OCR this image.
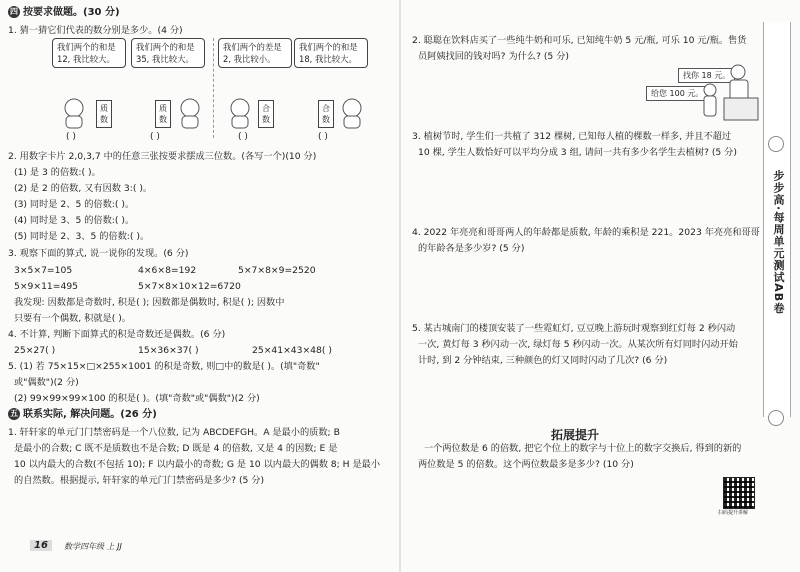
四 按要求做题。(30 分)
1. 猜一猜它们代表的数分别是多少。(4 分)
我们两个的和是
12, 我比较大。
我们两个的和是
35, 我比较大。
我们两个的差是
2, 我比较小。
我们两个的和是
18, 我比较大。
质数
质数
合数
合数
( )	( )	( )	( )
2. 用数字卡片 2,0,3,7 中的任意三张按要求摆成三位数。(各写一个)(10 分)
(1) 是 3 的倍数:( )。
(2) 是 2 的倍数, 又有因数 3:( )。
(3) 同时是 2、5 的倍数:( )。
(4) 同时是 3、5 的倍数:( )。
(5) 同时是 2、3、5 的倍数:( )。
3. 观察下面的算式, 说一说你的发现。(6 分)
3×5×7=105	4×6×8=192	5×7×8×9=2520
5×9×11=495	5×7×8×10×12=6720
我发现: 因数都是奇数时, 积是( ); 因数都是偶数时, 积是( ); 因数中
只要有一个偶数, 积就是( )。
4. 不计算, 判断下面算式的积是奇数还是偶数。(6 分)
25×27( )	15×36×37( )	25×41×43×48( )
5. (1) 若 75×15×□×255×1001 的积是奇数, 则□中的数是( )。(填"奇数"
或"偶数")(2 分)
(2) 99×99×99×100 的积是( )。(填"奇数"或"偶数")(2 分)
五 联系实际, 解决问题。(26 分)
1. 轩轩家的单元门门禁密码是一个八位数, 记为 ABCDEFGH。A 是最小的质数; B
是最小的合数; C 既不是质数也不是合数; D 既是 4 的倍数, 又是 4 的因数; E 是
10 以内最大的合数(不包括 10); F 以内最小的奇数; G 是 10 以内最大的偶数 8; H 是最小
的自然数。根据提示, 轩轩家的单元门门禁密码是多少? (5 分)
16	数学四年级 上 JJ
2. 聪聪在饮料店买了一些纯牛奶和可乐, 已知纯牛奶 5 元/瓶, 可乐 10 元/瓶。售货
员阿姨找回的钱对吗? 为什么? (5 分)
找你 18 元。
给您 100 元。
3. 植树节时, 学生们一共植了 312 棵树, 已知每人植的棵数一样多, 并且不超过
10 棵, 学生人数恰好可以平均分成 3 组, 请问一共有多少名学生去植树? (5 分)
4. 2022 年亮亮和哥哥两人的年龄都是质数, 年龄的乘积是 221。2023 年亮亮和哥哥
的年龄各是多少岁? (5 分)
5. 某古城南门的楼顶安装了一些霓虹灯, 豆豆晚上游玩时观察到红灯每 2 秒闪动
一次, 黄灯每 3 秒闪动一次, 绿灯每 5 秒闪动一次。从某次所有灯同时闪动开始
计时, 到 2 分钟结束, 三种颜色的灯又同时闪动了几次? (6 分)
拓展提升
一个两位数是 6 的倍数, 把它个位上的数字与十位上的数字交换后, 得到的新的
两位数是 5 的倍数。这个两位数最多是多少? (10 分)
步步高·每周单元测试AB卷
扫码提升讲解
